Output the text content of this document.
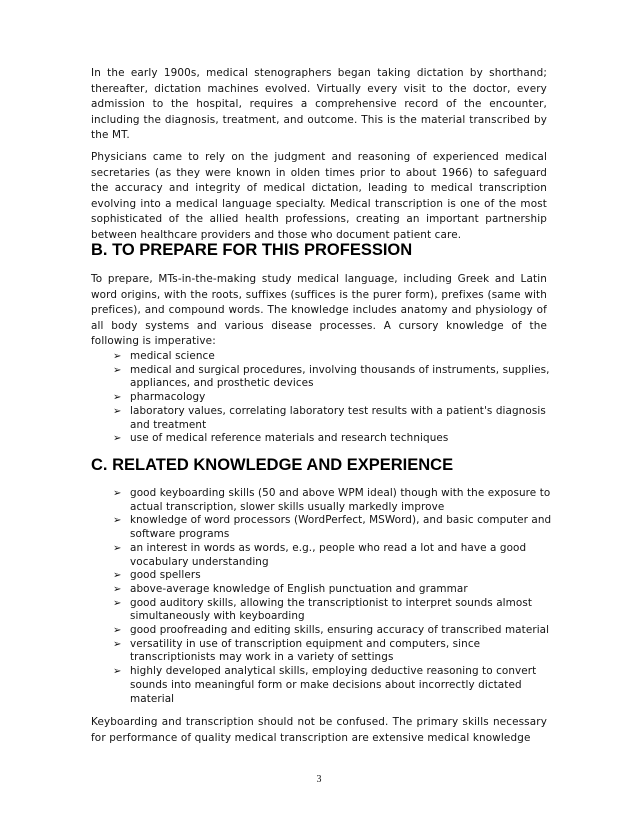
In the early 1900s, medical stenographers began taking dictation by shorthand; thereafter, dictation machines evolved. Virtually every visit to the doctor, every admission to the hospital, requires a comprehensive record of the encounter, including the diagnosis, treatment, and outcome. This is the material transcribed by the MT.

Physicians came to rely on the judgment and reasoning of experienced medical secretaries (as they were known in olden times prior to about 1966) to safeguard the accuracy and integrity of medical dictation, leading to medical transcription evolving into a medical language specialty. Medical transcription is one of the most sophisticated of the allied health professions, creating an important partnership between healthcare providers and those who document patient care.

B. TO PREPARE FOR THIS PROFESSION

To prepare, MTs-in-the-making study medical language, including Greek and Latin word origins, with the roots, suffixes (suffices is the purer form), prefixes (same with prefices), and compound words. The knowledge includes anatomy and physiology of all body systems and various disease processes. A cursory knowledge of the following is imperative:

➢ medical science
➢ medical and surgical procedures, involving thousands of instruments, supplies, appliances, and prosthetic devices
➢ pharmacology
➢ laboratory values, correlating laboratory test results with a patient's diagnosis and treatment
➢ use of medical reference materials and research techniques
C. RELATED KNOWLEDGE AND EXPERIENCE
➢ good keyboarding skills (50 and above WPM ideal) though with the exposure to actual transcription, slower skills usually markedly improve
➢ knowledge of word processors (WordPerfect, MSWord), and basic computer and software programs
➢ an interest in words as words, e.g., people who read a lot and have a good vocabulary understanding
➢ good spellers
➢ above-average knowledge of English punctuation and grammar
➢ good auditory skills, allowing the transcriptionist to interpret sounds almost simultaneously with keyboarding
➢ good proofreading and editing skills, ensuring accuracy of transcribed material
➢ versatility in use of transcription equipment and computers, since transcriptionists may work in a variety of settings
➢ highly developed analytical skills, employing deductive reasoning to convert sounds into meaningful form or make decisions about incorrectly dictated material

Keyboarding and transcription should not be confused. The primary skills necessary for performance of quality medical transcription are extensive medical knowledge

3
